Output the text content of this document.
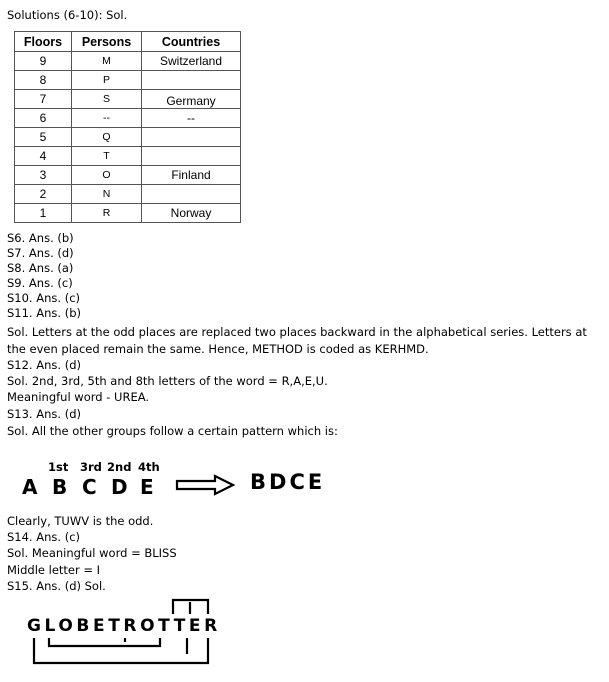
Solutions (6-10): Sol.
Floors	Persons	Countries
9	M	Switzerland
8	P	
7	S	Germany
6	--	--
5	Q	
4	T	
3	O	Finland
2	N	
1	R	Norway
S6. Ans. (b)
S7. Ans. (d)
S8. Ans. (a)
S9. Ans. (c)
S10. Ans. (c)
S11. Ans. (b)
Sol. Letters at the odd places are replaced two places backward in the alphabetical series. Letters at the even placed remain the same. Hence, METHOD is coded as KERHMD.
S12. Ans. (d)
Sol. 2nd, 3rd, 5th and 8th letters of the word = R,A,E,U.
Meaningful word - UREA.
S13. Ans. (d)
Sol. All the other groups follow a certain pattern which is:
1st 3rd 2nd 4th
A B C D E	BDCE
Clearly, TUWV is the odd.
S14. Ans. (c)
Sol. Meaningful word = BLISS
Middle letter = I
S15. Ans. (d) Sol.
GLOBETROTTER
